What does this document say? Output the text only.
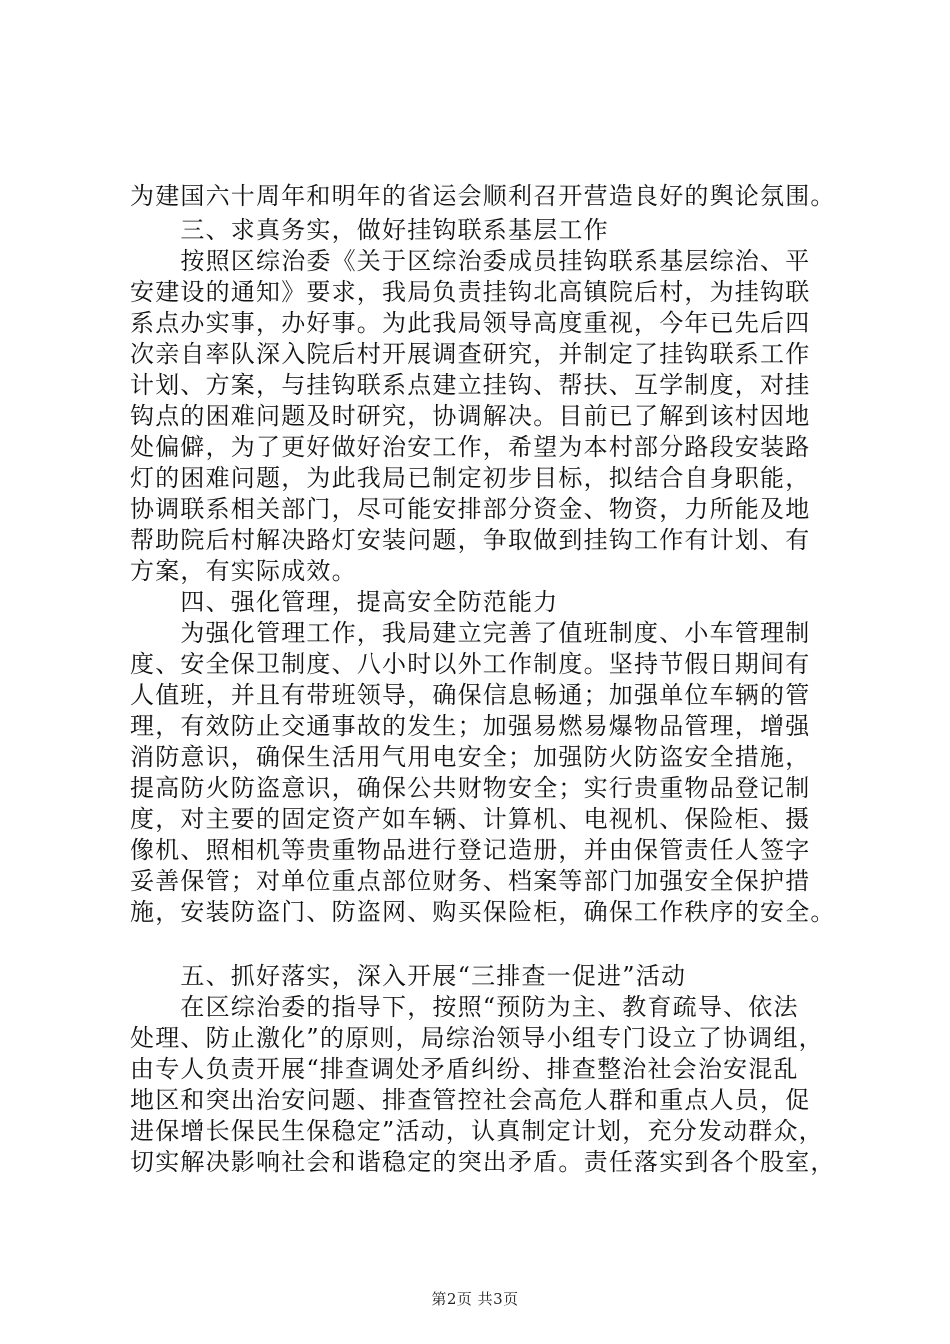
为建国六十周年和明年的省运会顺利召开营造良好的舆论氛围。
　　三、求真务实，做好挂钩联系基层工作
　　按照区综治委《关于区综治委成员挂钩联系基层综治、平
安建设的通知》要求，我局负责挂钩北高镇院后村，为挂钩联
系点办实事，办好事。为此我局领导高度重视，今年已先后四
次亲自率队深入院后村开展调查研究，并制定了挂钩联系工作
计划、方案，与挂钩联系点建立挂钩、帮扶、互学制度，对挂
钩点的困难问题及时研究，协调解决。目前已了解到该村因地
处偏僻，为了更好做好治安工作，希望为本村部分路段安装路
灯的困难问题，为此我局已制定初步目标，拟结合自身职能，
协调联系相关部门，尽可能安排部分资金、物资，力所能及地
帮助院后村解决路灯安装问题，争取做到挂钩工作有计划、有
方案，有实际成效。
　　四、强化管理，提高安全防范能力
　　为强化管理工作，我局建立完善了值班制度、小车管理制
度、安全保卫制度、八小时以外工作制度。坚持节假日期间有
人值班，并且有带班领导，确保信息畅通；加强单位车辆的管
理，有效防止交通事故的发生；加强易燃易爆物品管理，增强
消防意识，确保生活用气用电安全；加强防火防盗安全措施，
提高防火防盗意识，确保公共财物安全；实行贵重物品登记制
度，对主要的固定资产如车辆、计算机、电视机、保险柜、摄
像机、照相机等贵重物品进行登记造册，并由保管责任人签字
妥善保管；对单位重点部位财务、档案等部门加强安全保护措
施，安装防盗门、防盗网、购买保险柜，确保工作秩序的安全。
　　五、抓好落实，深入开展“三排查一促进”活动
　　在区综治委的指导下，按照“预防为主、教育疏导、依法
处理、防止激化”的原则，局综治领导小组专门设立了协调组，
由专人负责开展“排查调处矛盾纠纷、排查整治社会治安混乱
地区和突出治安问题、排查管控社会高危人群和重点人员，促
进保增长保民生保稳定”活动，认真制定计划，充分发动群众，
切实解决影响社会和谐稳定的突出矛盾。责任落实到各个股室，
第2页 共3页
